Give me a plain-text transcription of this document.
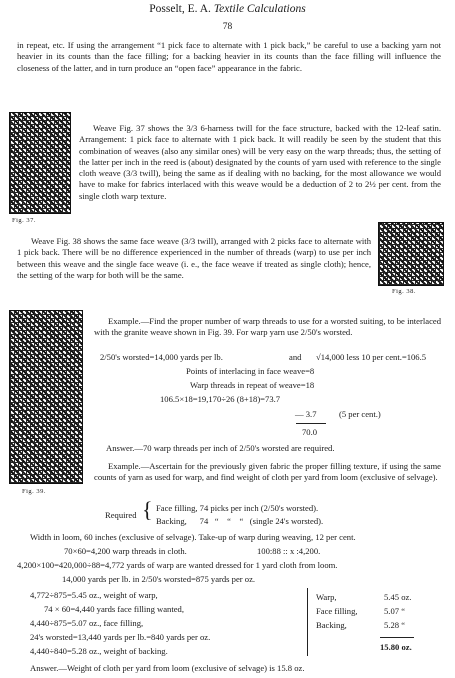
Posselt, E. A. Textile Calculations
78

in repeat, etc. If using the arrangement “1 pick face to alternate with 1 pick back,” be careful to use a backing yarn not heavier in its counts than the face filling; for a backing heavier in its counts than the face filling will influence the closeness of the latter, and in turn produce an “open face” appearance in the fabric.

Fig. 37.

Weave Fig. 37 shows the 3/3 6-harness twill for the face structure, backed with the 12-leaf satin. Arrangement: 1 pick face to alternate with 1 pick back. It will readily be seen by the student that this combination of weaves (also any similar ones) will be very easy on the warp threads; thus, the setting of the latter per inch in the reed is (about) designated by the counts of yarn used with reference to the single cloth weave (3/3 twill), being the same as if dealing with no backing, for the most allowance we would have to make for fabrics interlaced with this weave would be a deduction of 2 to 2½ per cent. from the single cloth warp texture.

Fig. 38.

Weave Fig. 38 shows the same face weave (3/3 twill), arranged with 2 picks face to alternate with 1 pick back. There will be no difference experienced in the number of threads (warp) to use per inch between this weave and the single face weave (i. e., the face weave if treated as single cloth); hence, the setting of the warp for both will be the same.

Fig. 39.

Example.—Find the proper number of warp threads to use for a worsted suiting, to be interlaced with the granite weave shown in Fig. 39. For warp yarn use 2/50's worsted.

2/50's worsted=14,000 yards per lb.	and √14,000 less 10 per cent.=106.5
Points of interlacing in face weave=8
Warp threads in repeat of weave=18
106.5×18=19,170÷26 (8+18)=73.7
— 3.7	(5 per cent.)
70.0
Answer.—70 warp threads per inch of 2/50's worsted are required.

Example.—Ascertain for the previously given fabric the proper filling texture, if using the same counts of yarn as used for warp, and find weight of cloth per yard from loom (exclusive of selvage).

Required { Face filling, 74 picks per inch (2/50's worsted).
Backing,      74   “    “    “   (single 24's worsted).
Width in loom, 60 inches (exclusive of selvage). Take-up of warp during weaving, 12 per cent.
70×60=4,200 warp threads in cloth.	100:88 :: x :4,200.
4,200×100=420,000÷88=4,772 yards of warp are wanted dressed for 1 yard cloth from loom.
14,000 yards per lb. in 2/50's worsted=875 yards per oz.
4,772÷875=5.45 oz., weight of warp,
74 × 60=4,440 yards face filling wanted,
4,440÷875=5.07 oz., face filling,
24's worsted=13,440 yards per lb.=840 yards per oz.
4,440÷840=5.28 oz., weight of backing.
Warp,	5.45 oz.
Face filling,	5.07 “
Backing,	5.28 “
15.80 oz.
Answer.—Weight of cloth per yard from loom (exclusive of selvage) is 15.8 oz.
